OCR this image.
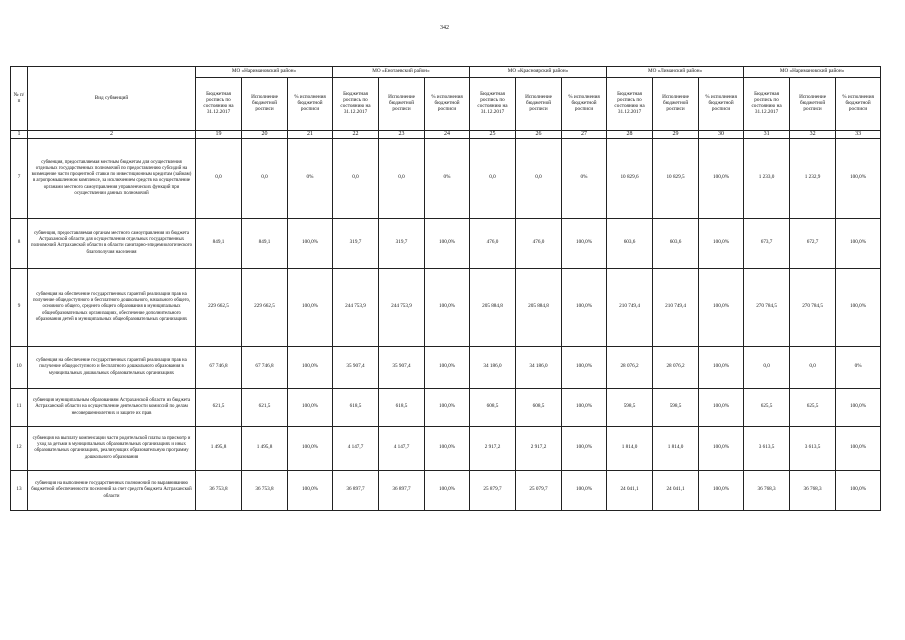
342
№ п/п	Вид субвенций	МО «Наримановский район»			МО «Енотаевский район»			МО «Красноярский район»			МО «Лиманский район»			МО «Наримановский район»		
		Бюджетная роспись по состоянию на 31.12.2017	Исполнение бюджетной росписи	% исполнения бюджетной росписи	Бюджетная роспись по состоянию на 31.12.2017	Исполнение бюджетной росписи	% исполнения бюджетной росписи	Бюджетная роспись по состоянию на 31.12.2017	Исполнение бюджетной росписи	% исполнения бюджетной росписи	Бюджетная роспись по состоянию на 31.12.2017	Исполнение бюджетной росписи	% исполнения бюджетной росписи	Бюджетная роспись по состоянию на 31.12.2017	Исполнение бюджетной росписи	% исполнения бюджетной росписи
1	2	19	20	21	22	23	24	25	26	27	28	29	30	31	32	33
7	субвенция, предоставляемая местным бюджетам для осуществления отдельных государственных полномочий по предоставлению субсидий на возмещение части процентной ставки по инвестиционным кредитам (займам) в агропромышленном комплексе, за исключением средств на осуществление органами местного самоуправления управленческих функций при осуществлении данных полномочий	0,0	0,0	0%	0,0	0,0	0%	0,0	0,0	0%	10 829,6	10 829,5	100,0%	1 233,0	1 232,9	100,0%
8	субвенция, предоставляемая органам местного самоуправления из бюджета Астраханской области для осуществления отдельных государственных полномочий Астраханской области в области санитарно-эпидемиологического благополучия населения	849,1	849,1	100,0%	319,7	319,7	100,0%	476,0	476,0	100,0%	603,6	603,6	100,0%	673,7	672,7	100,0%
9	субвенция на обеспечение государственных гарантий реализации прав на получение общедоступного и бесплатного дошкольного, начального общего, основного общего, среднего общего образования в муниципальных общеобразовательных организациях, обеспечение дополнительного образования детей в муниципальных общеобразовательных организациях	229 662,5	229 662,5	100,0%	244 753,9	244 753,9	100,0%	205 884,8	205 884,8	100,0%	210 749,4	210 749,4	100,0%	270 784,5	270 784,5	100,0%
10	субвенция на обеспечение государственных гарантий реализации прав на получение общедоступного и бесплатного дошкольного образования в муниципальных дошкольных образовательных организациях	67 746,8	67 746,8	100,0%	35 907,4	35 907,4	100,0%	34 186,0	34 186,0	100,0%	28 076,2	28 076,2	100,0%	0,0	0,0	0%
11	субвенция муниципальным образованиям Астраханской области из бюджета Астраханской области на осуществление деятельности комиссий по делам несовершеннолетних и защите их прав	621,5	621,5	100,0%	618,5	618,5	100,0%	608,5	608,5	100,0%	598,5	598,5	100,0%	625,5	625,5	100,0%
12	субвенция на выплату компенсации части родительской платы за присмотр и уход за детьми в муниципальных образовательных организациях и иных образовательных организациях, реализующих образовательную программу дошкольного образования	1 495,8	1 495,8	100,0%	4 147,7	4 147,7	100,0%	2 917,2	2 917,2	100,0%	1 814,0	1 814,0	100,0%	3 613,5	3 613,5	100,0%
13	субвенция на выполнение государственных полномочий по выравниванию бюджетной обеспеченности поселений за счет средств бюджета Астраханской области	36 753,8	36 753,8	100,0%	36 897,7	36 897,7	100,0%	25 879,7	25 079,7	100,0%	24 041,1	24 041,1	100,0%	36 768,3	36 768,3	100,0%
